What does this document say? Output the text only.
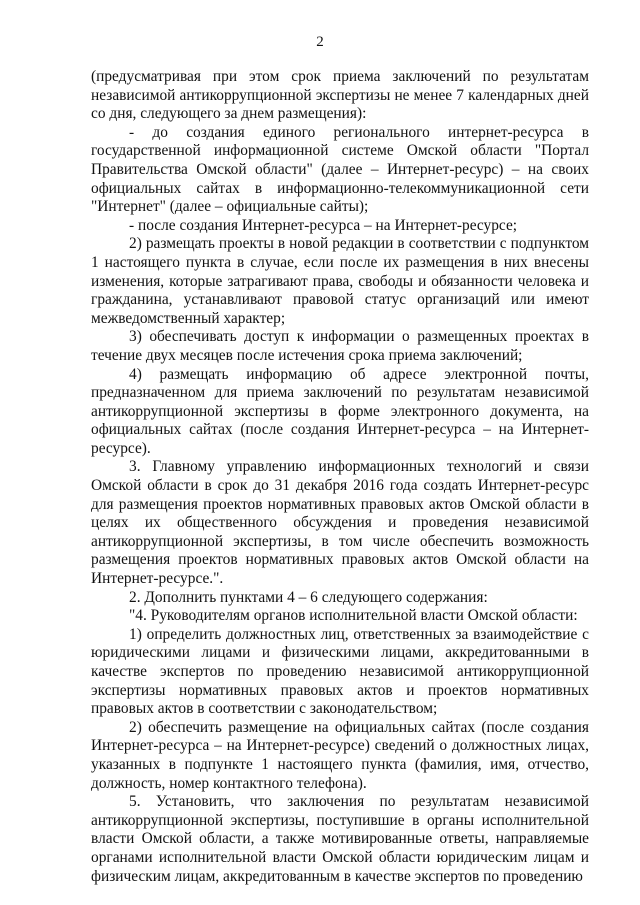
2

(предусматривая при этом срок приема заключений по результатам независимой антикоррупционной экспертизы не менее 7 календарных дней со дня, следующего за днем размещения):

- до создания единого регионального интернет-ресурса в государственной информационной системе Омской области "Портал Правительства Омской области" (далее – Интернет-ресурс) – на своих официальных сайтах в информационно-телекоммуникационной сети "Интернет" (далее – официальные сайты);

- после создания Интернет-ресурса – на Интернет-ресурсе;

2) размещать проекты в новой редакции в соответствии с подпунктом 1 настоящего пункта в случае, если после их размещения в них внесены изменения, которые затрагивают права, свободы и обязанности человека и гражданина, устанавливают правовой статус организаций или имеют межведомственный характер;

3) обеспечивать доступ к информации о размещенных проектах в течение двух месяцев после истечения срока приема заключений;

4) размещать информацию об адресе электронной почты, предназначенном для приема заключений по результатам независимой антикоррупционной экспертизы в форме электронного документа, на официальных сайтах (после создания Интернет-ресурса – на Интернет-ресурсе).

3. Главному управлению информационных технологий и связи Омской области в срок до 31 декабря 2016 года создать Интернет-ресурс для размещения проектов нормативных правовых актов Омской области в целях их общественного обсуждения и проведения независимой антикоррупционной экспертизы, в том числе обеспечить возможность размещения проектов нормативных правовых актов Омской области на Интернет-ресурсе.".

2. Дополнить пунктами 4 – 6 следующего содержания:

"4. Руководителям органов исполнительной власти Омской области:

1) определить должностных лиц, ответственных за взаимодействие с юридическими лицами и физическими лицами, аккредитованными в качестве экспертов по проведению независимой антикоррупционной экспертизы нормативных правовых актов и проектов нормативных правовых актов в соответствии с законодательством;

2) обеспечить размещение на официальных сайтах (после создания Интернет-ресурса – на Интернет-ресурсе) сведений о должностных лицах, указанных в подпункте 1 настоящего пункта (фамилия, имя, отчество, должность, номер контактного телефона).

5. Установить, что заключения по результатам независимой антикоррупционной экспертизы, поступившие в органы исполнительной власти Омской области, а также мотивированные ответы, направляемые органами исполнительной власти Омской области юридическим лицам и физическим лицам, аккредитованным в качестве экспертов по проведению
